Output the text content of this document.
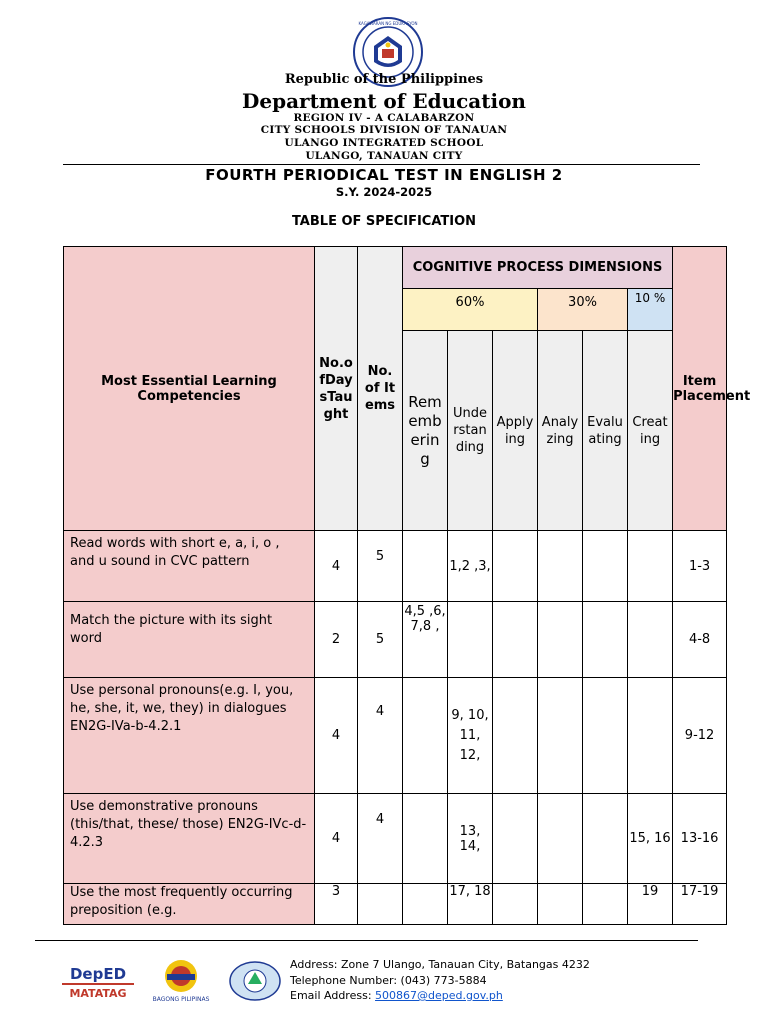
KAGAWARAN NG EDUKASYON
Republic of the Philippines
Department of Education
REGION IV - A CALABARZON
CITY SCHOOLS DIVISION OF TANAUAN
ULANGO INTEGRATED SCHOOL
ULANGO, TANAUAN CITY
FOURTH PERIODICAL TEST IN ENGLISH 2
S.Y. 2024-2025
TABLE OF SPECIFICATION
Most Essential Learning Competencies	No.ofDaysTaught	No. of Items	COGNITIVE PROCESS DIMENSIONS						Item Placement
			60%			30%		10 %	
			Remembering	Understanding	Applying	Analyzing	Evaluating	Creating	
Read words with short e, a, i, o , and u sound in CVC pattern	4	5		1,2 ,3,					1-3
Match the picture with its sight word	2	5	4,5 ,6, 7,8 ,						4-8
Use personal pronouns(e.g. I, you, he, she, it, we, they) in dialogues EN2G-IVa-b-4.2.1	4	4		9, 10, 11, 12,					9-12
Use demonstrative pronouns (this/that, these/ those) EN2G-IVc-d-4.2.3	4	4		13, 14,				15, 16	13-16
Use the most frequently occurring preposition (e.g.	3			17, 18				19	17-19
DepED
MATATAG	BAGONG PILIPINAS
Address: Zone 7 Ulango, Tanauan City, Batangas 4232
Telephone Number: (043) 773-5884
Email Address: 500867@deped.gov.ph
